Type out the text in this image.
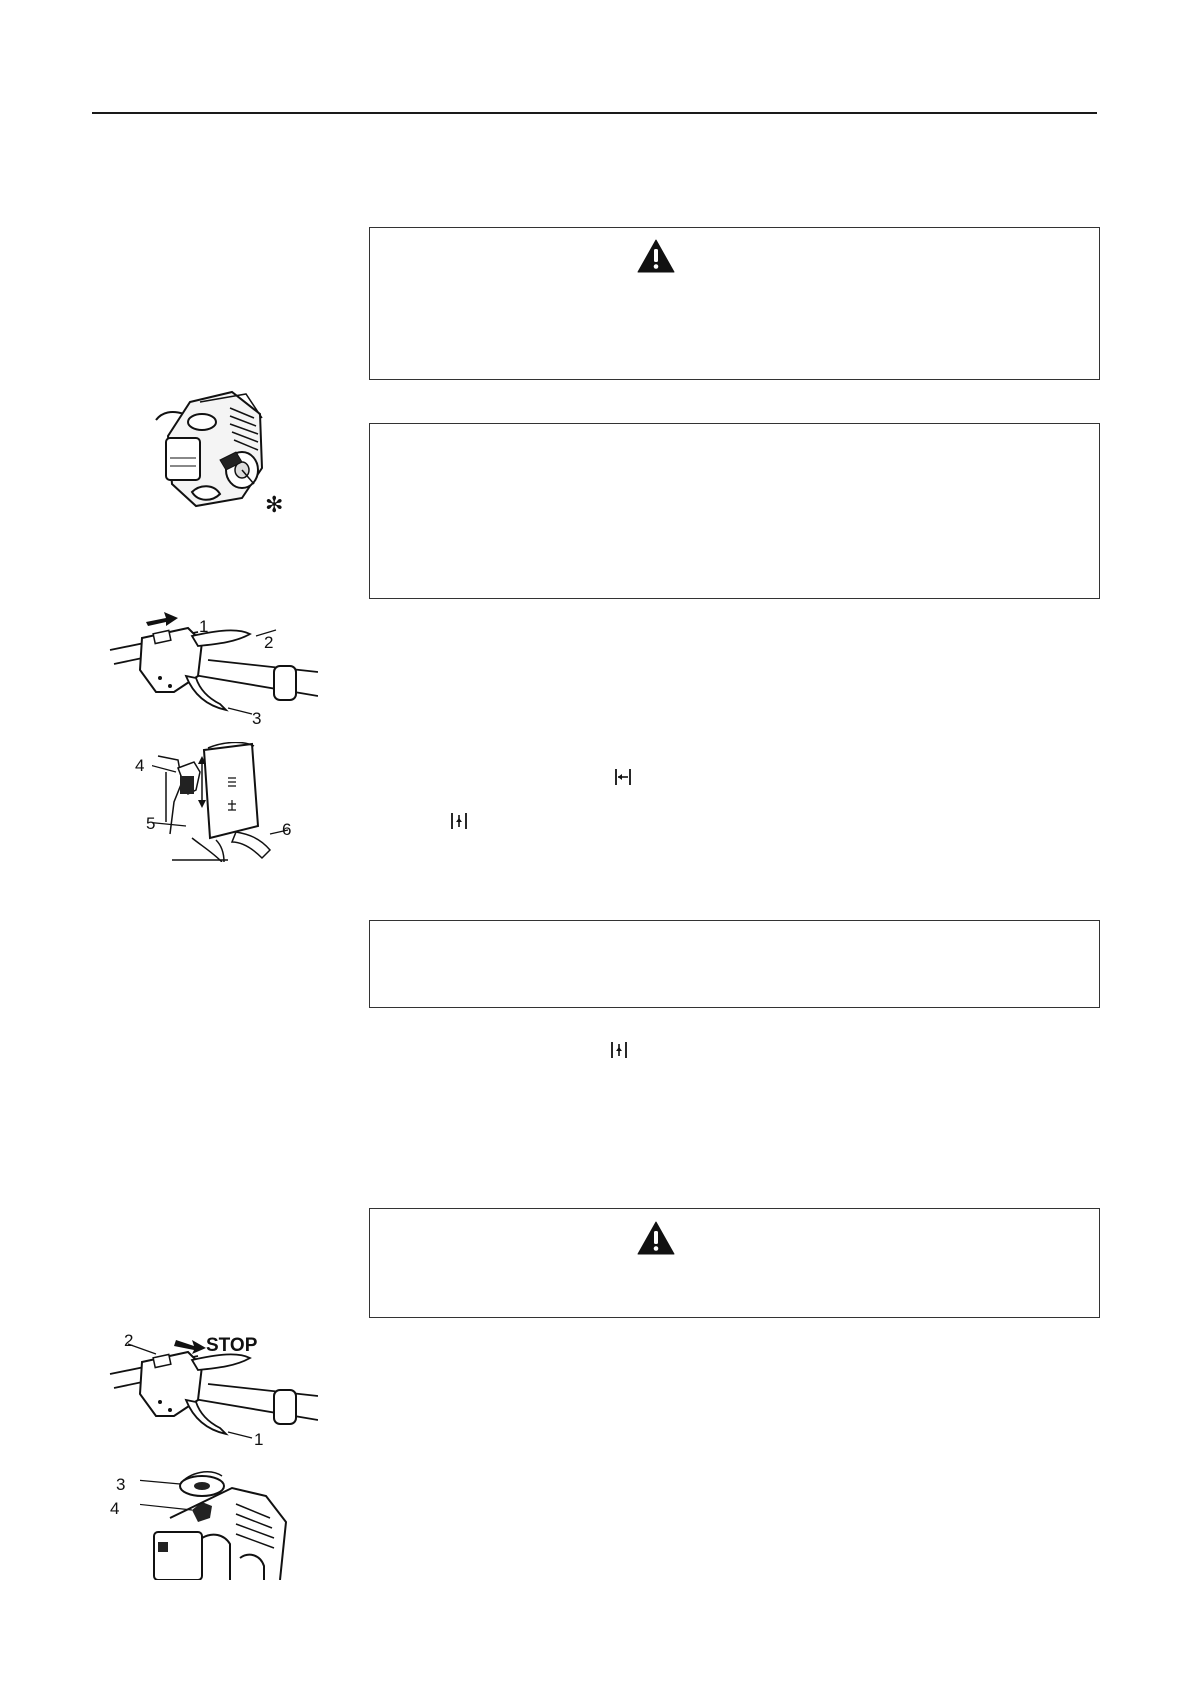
✻
1
2
3
4
5	6
2	STOP
1
3
4
